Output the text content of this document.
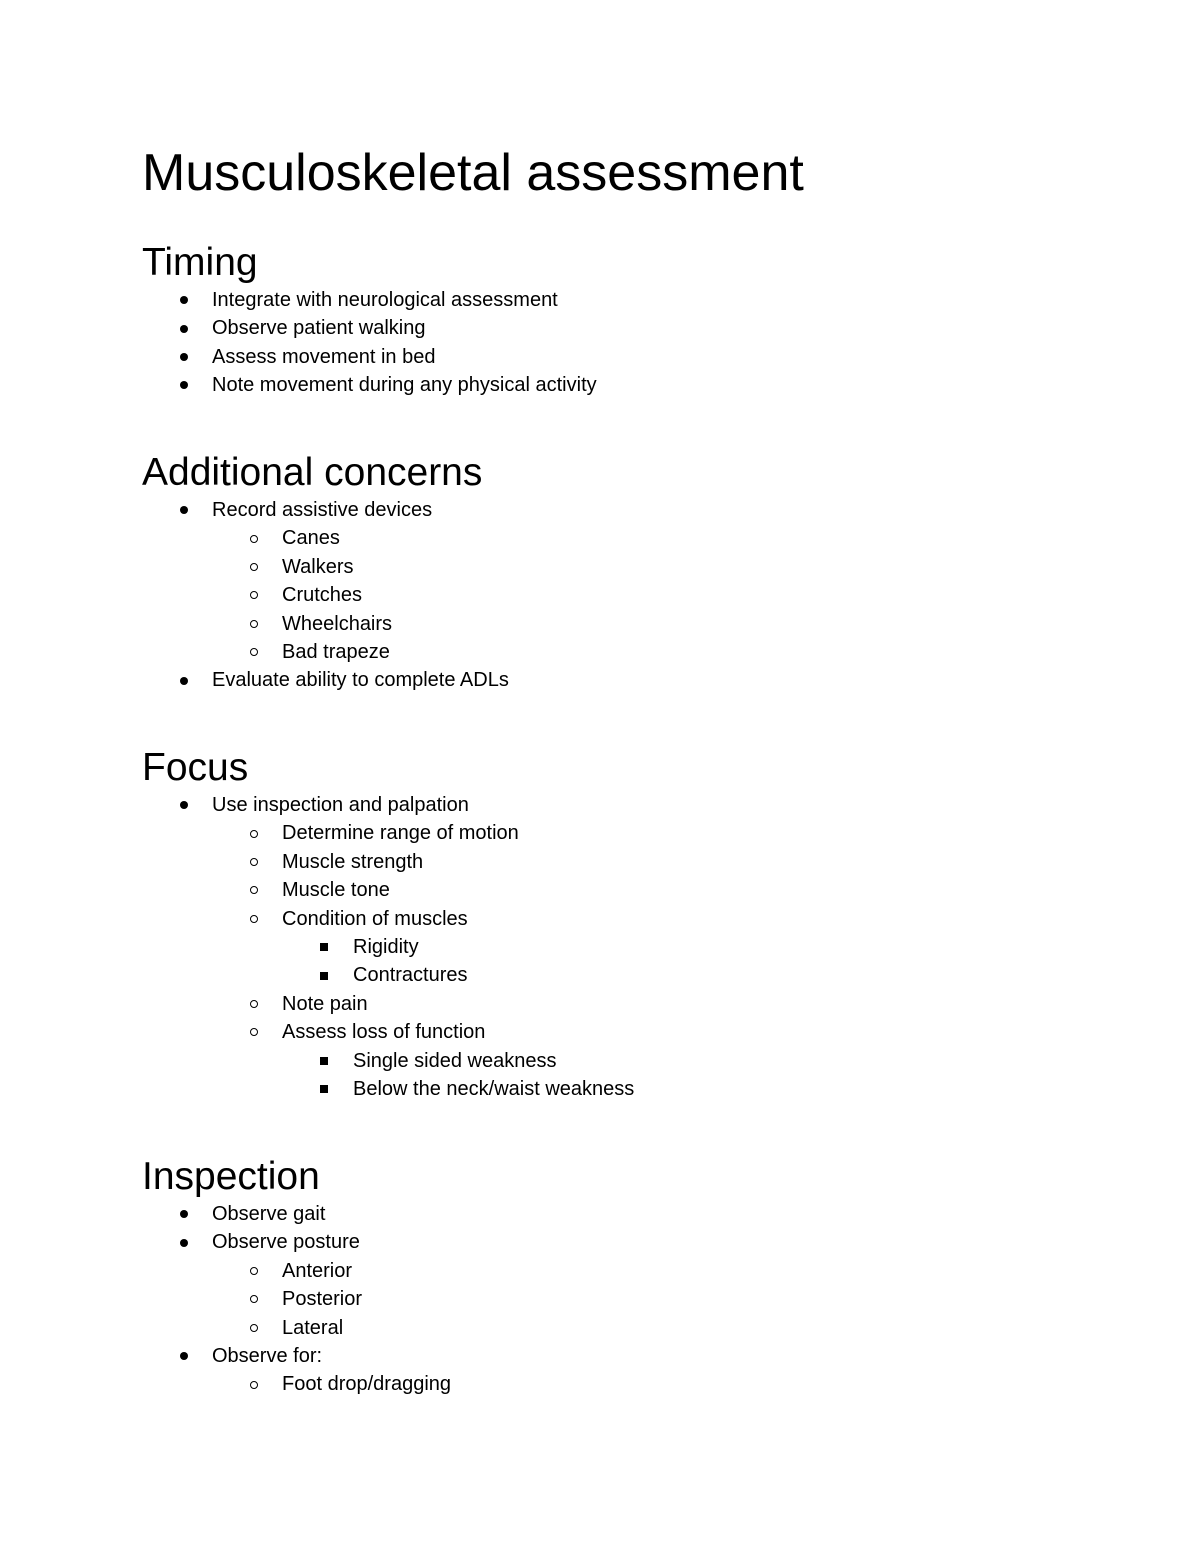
Musculoskeletal assessment
Timing
Integrate with neurological assessment
Observe patient walking
Assess movement in bed
Note movement during any physical activity
Additional concerns
Record assistive devices
Canes
Walkers
Crutches
Wheelchairs
Bad trapeze
Evaluate ability to complete ADLs
Focus
Use inspection and palpation
Determine range of motion
Muscle strength
Muscle tone
Condition of muscles
Rigidity
Contractures
Note pain
Assess loss of function
Single sided weakness
Below the neck/waist weakness
Inspection
Observe gait
Observe posture
Anterior
Posterior
Lateral
Observe for:
Foot drop/dragging
